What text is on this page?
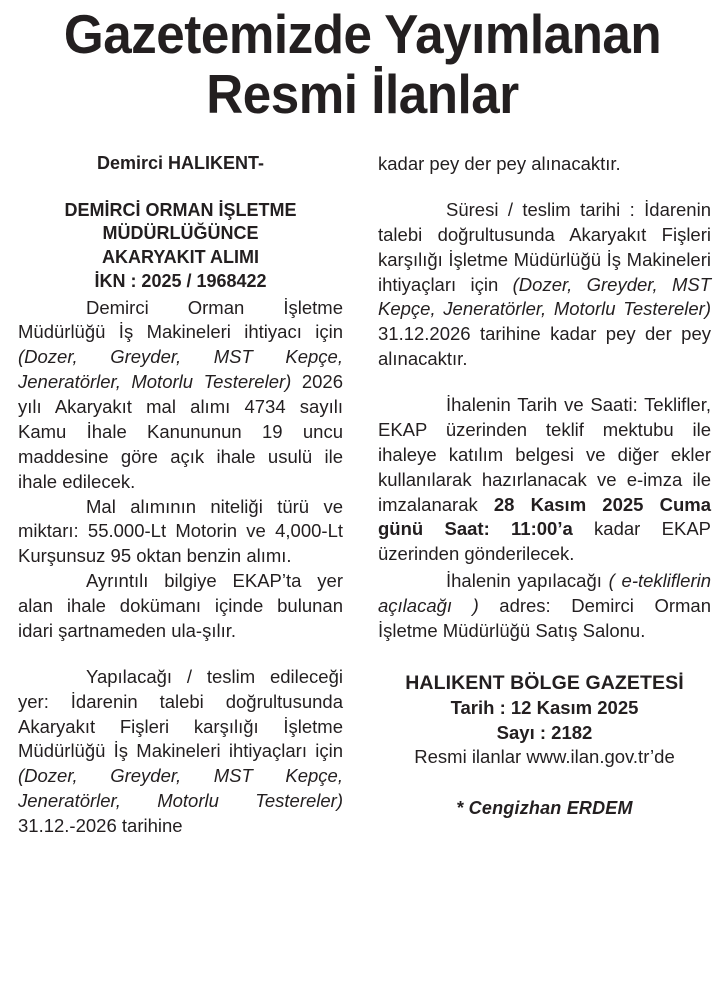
Gazetemizde Yayımlanan
Resmi İlanlar
Demirci HALIKENT-
DEMİRCİ ORMAN İŞLETME
MÜDÜRLÜĞÜNCE
AKARYAKIT ALIMI
İKN : 2025 / 1968422

Demirci Orman İşletme Müdürlüğü İş Makineleri ihtiyacı için (Dozer, Greyder, MST Kepçe, Jeneratörler, Motorlu Testereler) 2026 yılı Akaryakıt mal alımı 4734 sayılı Kamu İhale Kanununun 19 uncu maddesine göre açık ihale usulü ile ihale edilecek.

Mal alımının niteliği türü ve miktarı: 55.000-Lt Motorin ve 4,000-Lt Kurşunsuz 95 oktan benzin alımı.

Ayrıntılı bilgiye EKAP’ta yer alan ihale dokümanı içinde bulunan idari şartnameden ula-şılır.

Yapılacağı / teslim edileceği yer: İdarenin talebi doğrultusunda Akaryakıt Fişleri karşılığı İşletme Müdürlüğü İş Makineleri ihtiyaçları için (Dozer, Greyder, MST Kepçe, Jeneratörler, Motorlu Testereler) 31.12.-2026 tarihine

kadar pey der pey alınacaktır.

Süresi / teslim tarihi : İdarenin talebi doğrultusunda Akaryakıt Fişleri karşılığı İşletme Müdürlüğü İş Makineleri ihtiyaçları için (Dozer, Greyder, MST Kepçe, Jeneratörler, Motorlu Testereler) 31.12.2026 tarihine kadar pey der pey alınacaktır.

İhalenin Tarih ve Saati: Teklifler, EKAP üzerinden teklif mektubu ile ihaleye katılım belgesi ve diğer ekler kullanılarak hazırlanacak ve e-imza ile imzalanarak 28 Kasım 2025 Cuma günü Saat: 11:00’a kadar EKAP üzerinden gönderilecek.

İhalenin yapılacağı ( e-tekliflerin açılacağı ) adres: Demirci Orman İşletme Müdürlüğü Satış Salonu.

HALIKENT BÖLGE GAZETESİ
Tarih : 12 Kasım 2025
Sayı : 2182
Resmi ilanlar www.ilan.gov.tr’de
* Cengizhan ERDEM
